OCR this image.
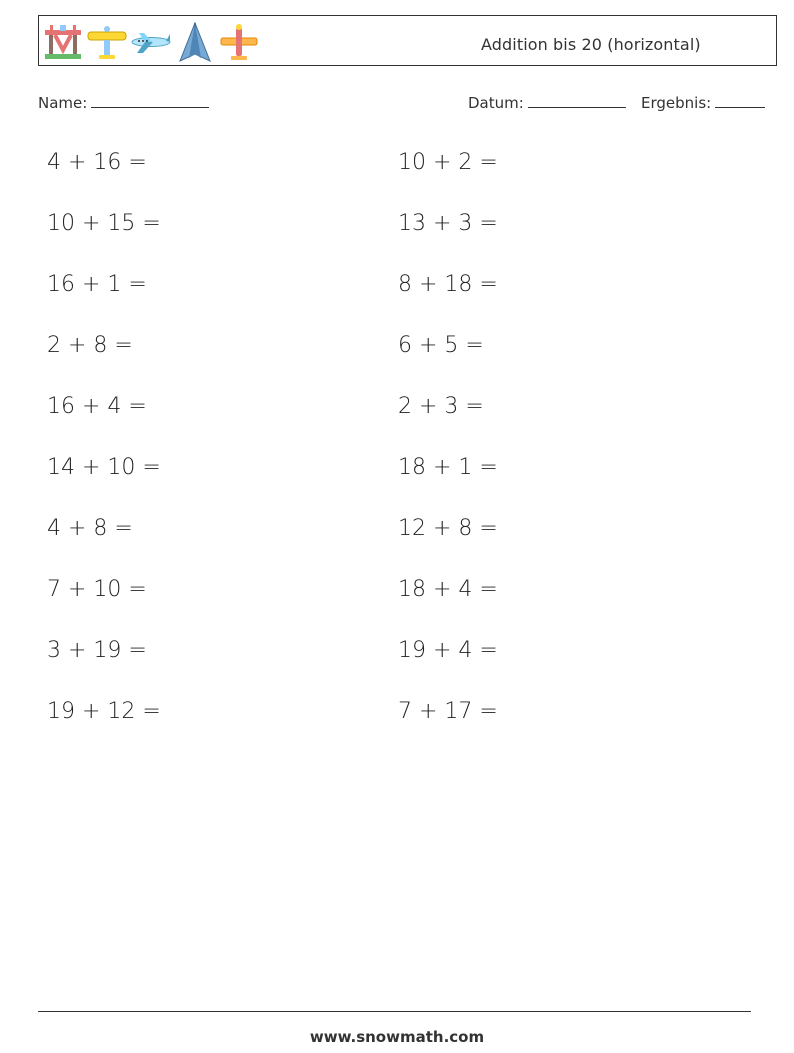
Addition bis 20 (horizontal)
Name:	Datum:	Ergebnis:
4 + 16 =
10 + 15 =
16 + 1 =
2 + 8 =
16 + 4 =
14 + 10 =
4 + 8 =
7 + 10 =
3 + 19 =
19 + 12 =
10 + 2 =
13 + 3 =
8 + 18 =
6 + 5 =
2 + 3 =
18 + 1 =
12 + 8 =
18 + 4 =
19 + 4 =
7 + 17 =
www.snowmath.com
